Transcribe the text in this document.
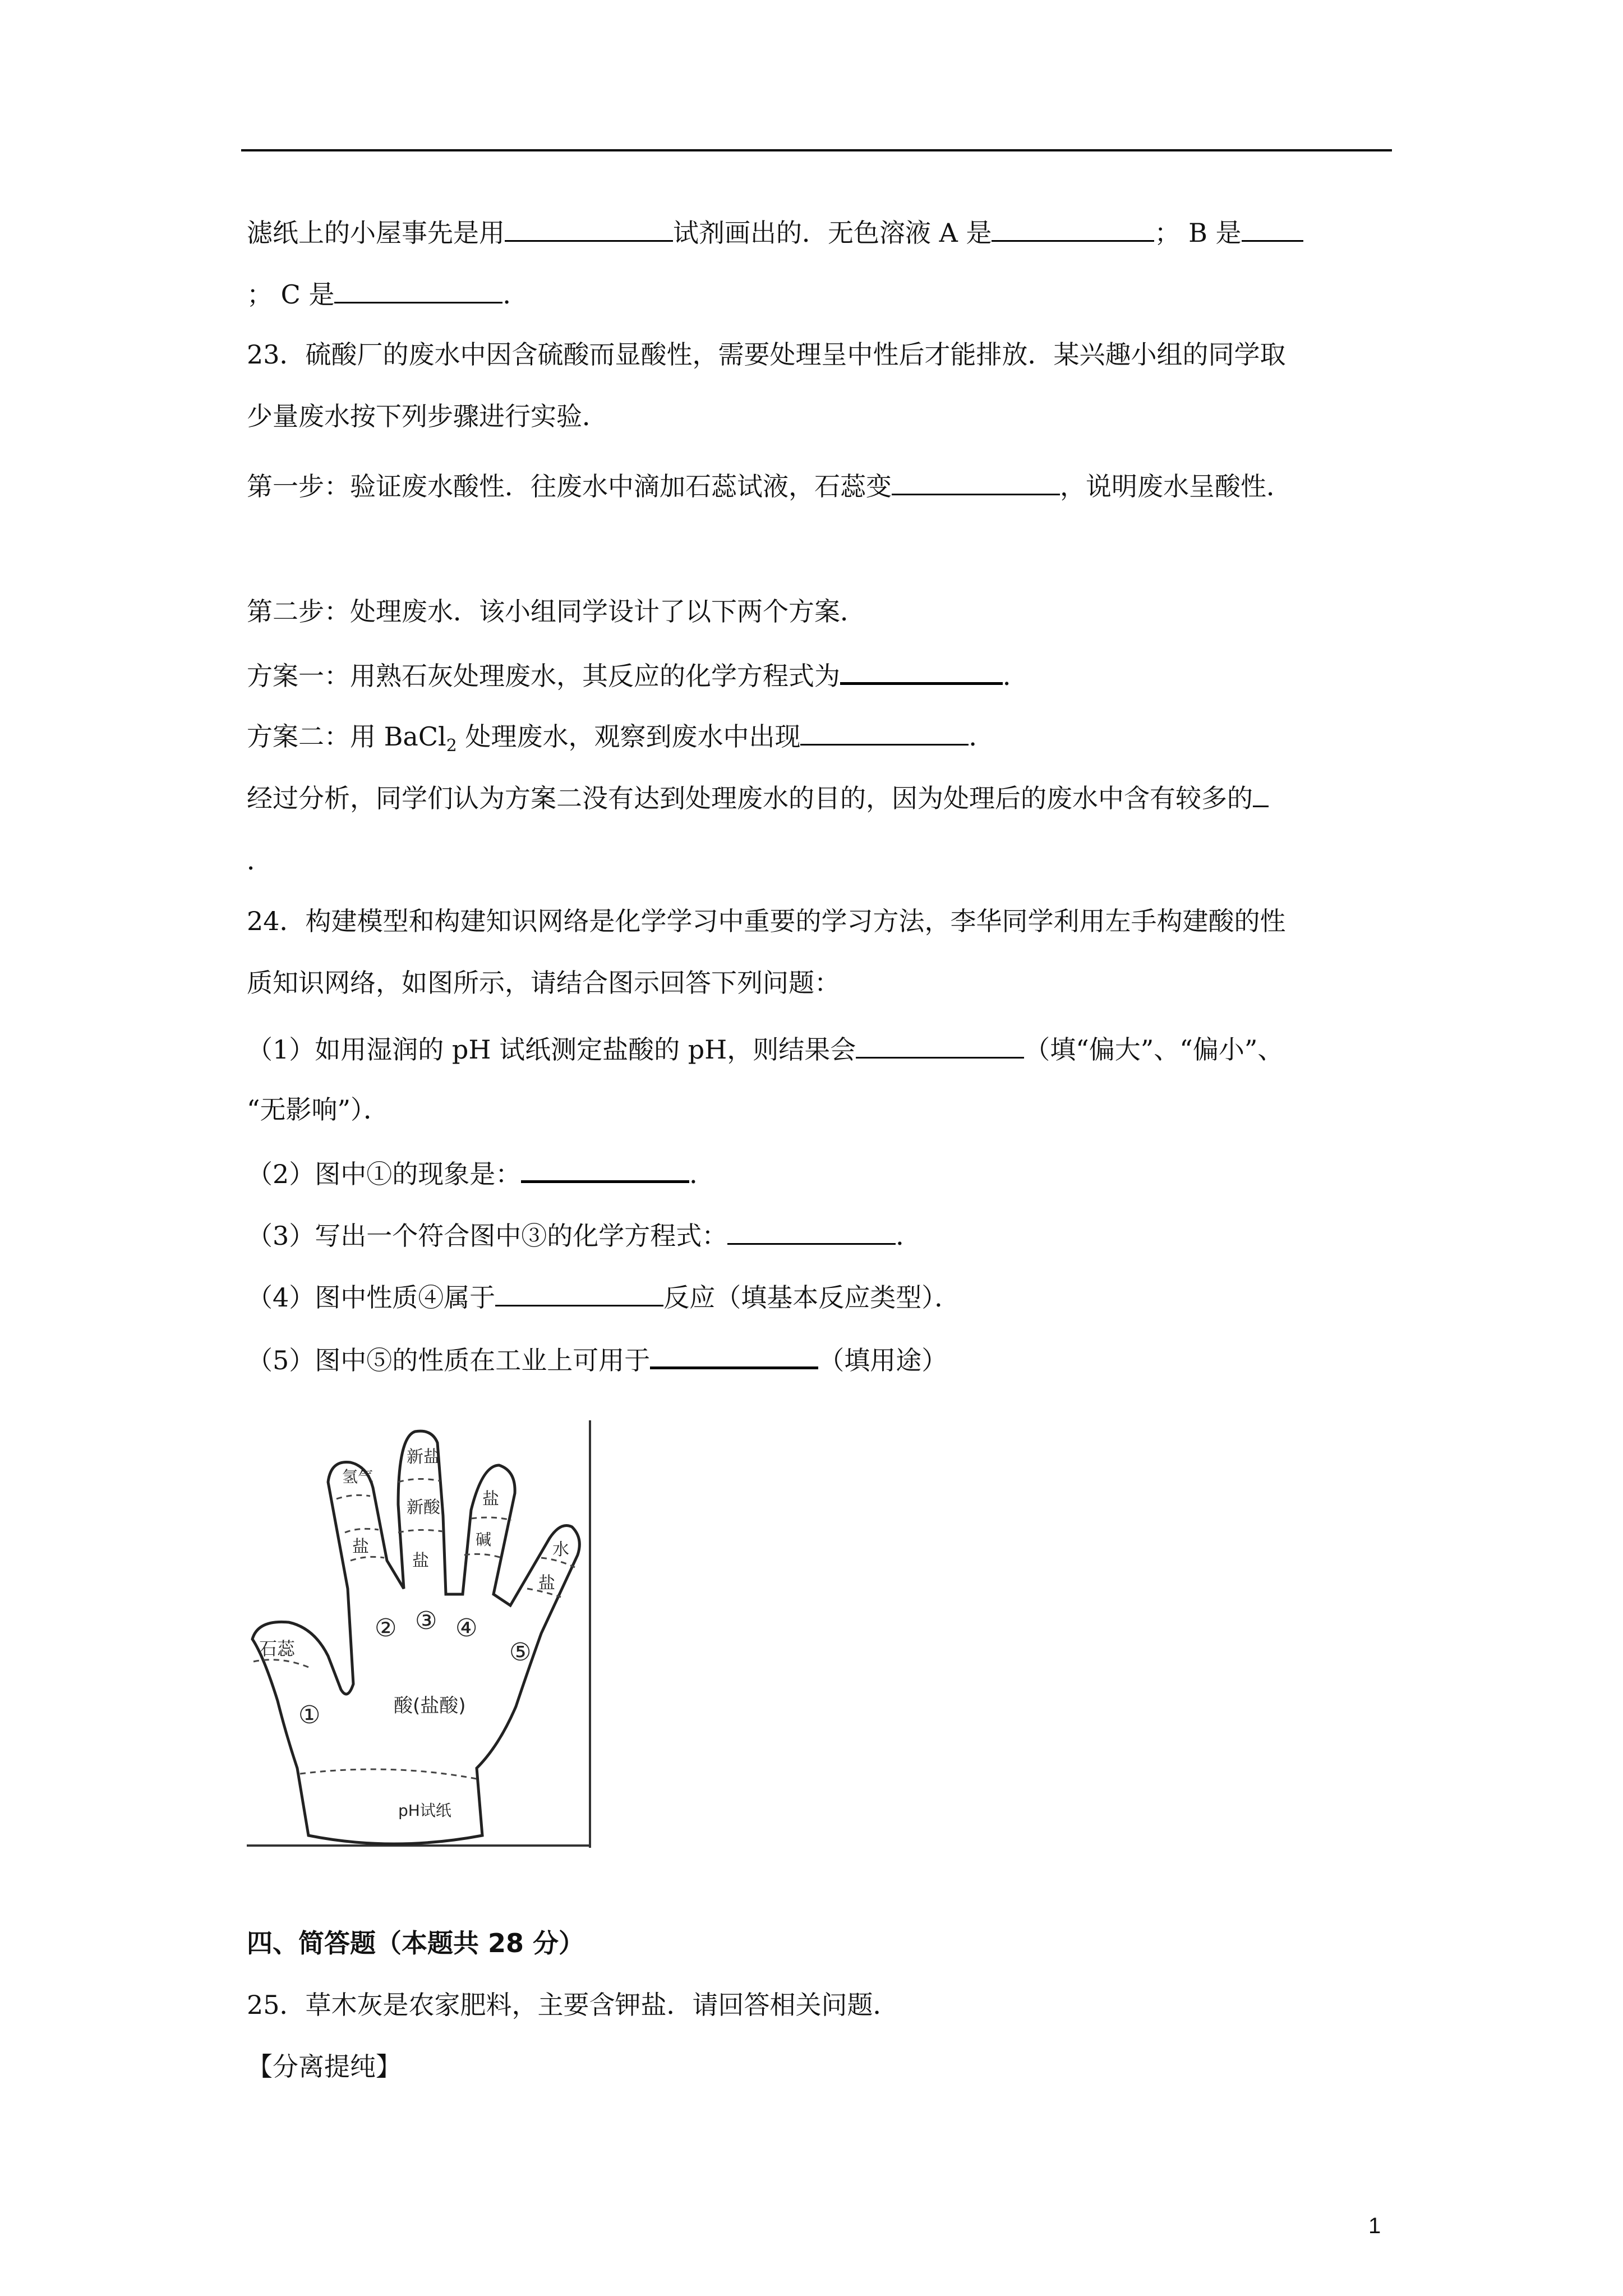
滤纸上的小屋事先是用	试剂画出的．无色溶液 A 是	； B 是
； C 是	．
23．硫酸厂的废水中因含硫酸而显酸性，需要处理呈中性后才能排放．某兴趣小组的同学取
少量废水按下列步骤进行实验．
第一步：验证废水酸性．往废水中滴加石蕊试液，石蕊变	，说明废水呈酸性．
第二步：处理废水．该小组同学设计了以下两个方案．
方案一：用熟石灰处理废水，其反应的化学方程式为	．
方案二：用 BaCl$_2$ 处理废水，观察到废水中出现	．
经过分析，同学们认为方案二没有达到处理废水的目的，因为处理后的废水中含有较多的
．
24．构建模型和构建知识网络是化学学习中重要的学习方法，李华同学利用左手构建酸的性
质知识网络，如图所示，请结合图示回答下列问题：
（1）如用湿润的 pH 试纸测定盐酸的 pH，则结果会	（填“偏大”、“偏小”、
“无影响”）．
（2）图中①的现象是：	．
（3）写出一个符合图中③的化学方程式：	．
（4）图中性质④属于	反应（填基本反应类型）．
（5）图中⑤的性质在工业上可用于	（填用途）
石蕊
氢气
盐
新盐
新酸
盐
盐
碱
水
盐
①
② ③ ④
⑤
酸(盐酸)
pH试纸
四、简答题（本题共 28 分）
25．草木灰是农家肥料，主要含钾盐．请回答相关问题．
【分离提纯】
1
